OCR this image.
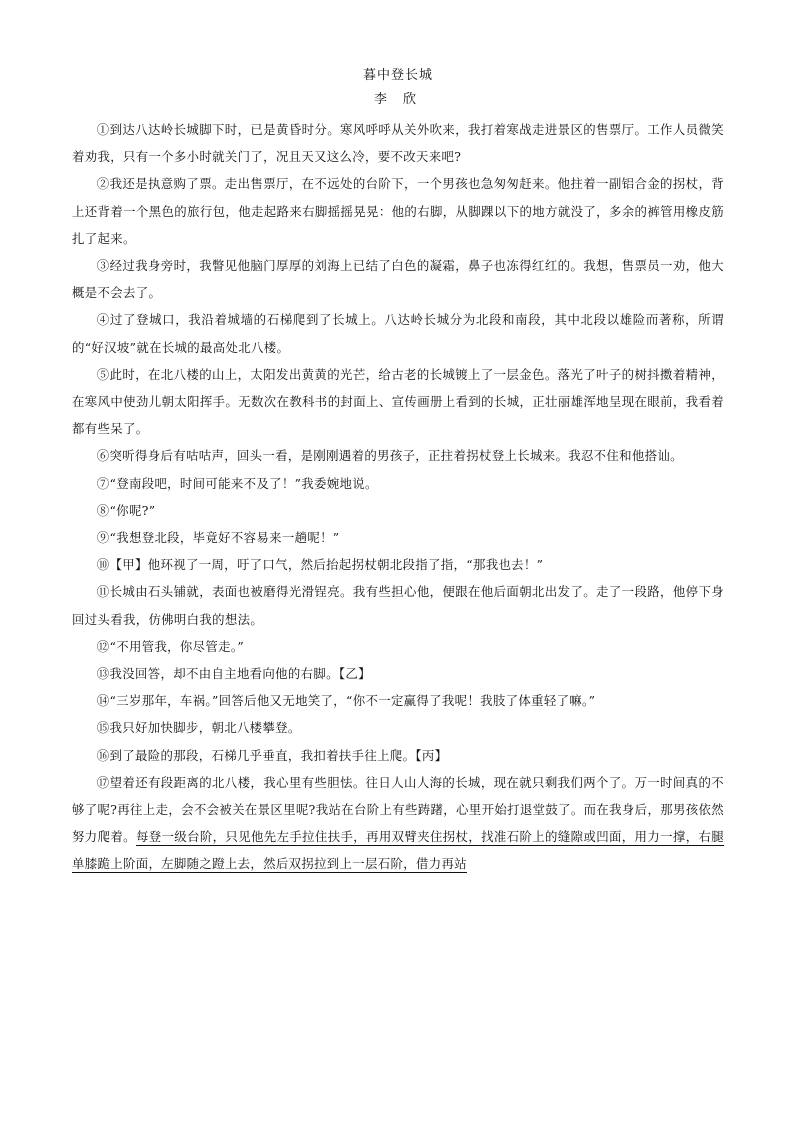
暮中登长城
李 欣

①到达八达岭长城脚下时，已是黄昏时分。寒风呼呼从关外吹来，我打着寒战走进景区的售票厅。工作人员微笑着劝我，只有一个多小时就关门了，况且天又这么冷，要不改天来吧?

②我还是执意购了票。走出售票厅，在不远处的台阶下，一个男孩也急匆匆赶来。他拄着一副铝合金的拐杖，背上还背着一个黑色的旅行包，他走起路来右脚摇摇晃晃：他的右脚，从脚踝以下的地方就没了，多余的裤管用橡皮筋扎了起来。

③经过我身旁时，我瞥见他脑门厚厚的刘海上已结了白色的凝霜，鼻子也冻得红红的。我想，售票员一劝，他大概是不会去了。

④过了登城口，我沿着城墙的石梯爬到了长城上。八达岭长城分为北段和南段，其中北段以雄险而著称，所谓的“好汉坡”就在长城的最高处北八楼。

⑤此时，在北八楼的山上，太阳发出黄黄的光芒，给古老的长城镀上了一层金色。落光了叶子的树抖擞着精神，在寒风中使劲儿朝太阳挥手。无数次在教科书的封面上、宣传画册上看到的长城，正壮丽雄浑地呈现在眼前，我看着都有些呆了。

⑥突听得身后有咕咕声，回头一看，是刚刚遇着的男孩子，正拄着拐杖登上长城来。我忍不住和他搭讪。

⑦“登南段吧，时间可能来不及了！”我委婉地说。

⑧“你呢?”

⑨“我想登北段，毕竟好不容易来一趟呢！”

⑩【甲】他环视了一周，吁了口气，然后抬起拐杖朝北段指了指，“那我也去！”

⑪长城由石头铺就，表面也被磨得光滑锃亮。我有些担心他，便跟在他后面朝北出发了。走了一段路，他停下身回过头看我，仿佛明白我的想法。

⑫“不用管我，你尽管走。”

⑬我没回答，却不由自主地看向他的右脚。【乙】

⑭“三岁那年，车祸。”回答后他又无地笑了，“你不一定赢得了我呢！我肢了体重轻了嘛。”

⑮我只好加快脚步，朝北八楼攀登。

⑯到了最险的那段，石梯几乎垂直，我扣着扶手往上爬。【丙】

⑰望着还有段距离的北八楼，我心里有些胆怯。往日人山人海的长城，现在就只剩我们两个了。万一时间真的不够了呢?再往上走，会不会被关在景区里呢?我站在台阶上有些踌躇，心里开始打退堂鼓了。而在我身后，那男孩依然努力爬着。每登一级台阶，只见他先左手拉住扶手，再用双臂夹住拐杖，找准石阶上的缝隙或凹面，用力一撑，右腿单膝跪上阶面，左脚随之蹬上去，然后双拐拉到上一层石阶，借力再站
